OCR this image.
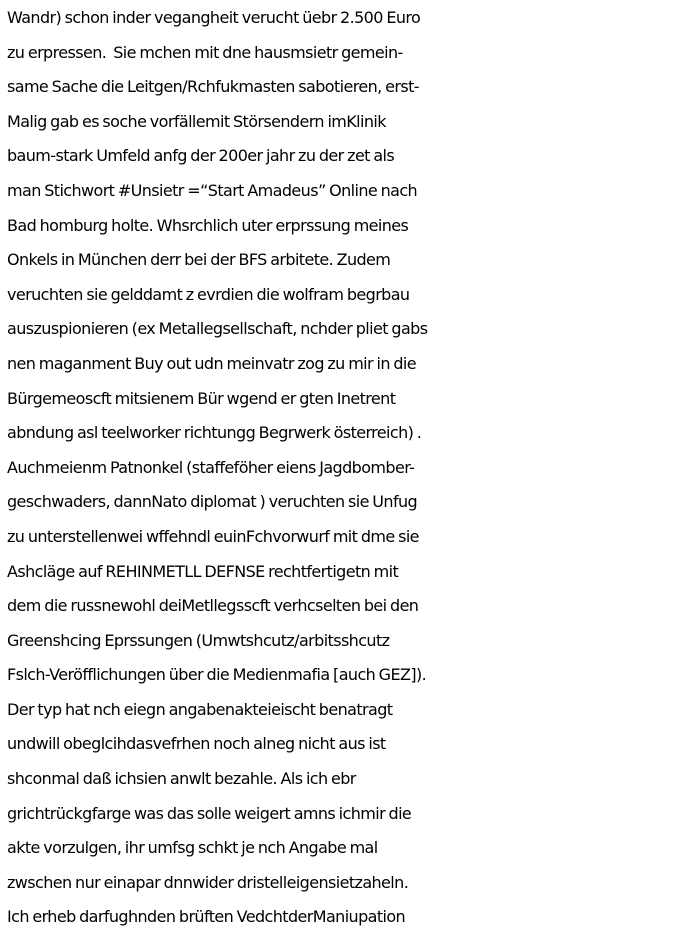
Wandr) schon inder vegangheit verucht üebr 2.500 Euro
zu erpressen.  Sie mchen mit dne hausmsietr gemein-
same Sache die Leitgen/Rchfukmasten sabotieren, erst-
Malig gab es soche vorfällemit Störsendern imKlinik
baum-stark Umfeld anfg der 200er jahr zu der zet als
man Stichwort #Unsietr =“Start Amadeus” Online nach
Bad homburg holte. Whsrchlich uter erprssung meines
Onkels in München derr bei der BFS arbitete. Zudem
veruchten sie gelddamt z evrdien die wolfram begrbau
auszuspionieren (ex Metallegsellschaft, nchder pliet gabs
nen maganment Buy out udn meinvatr zog zu mir in die
Bürgemeoscft mitsienem Bür wgend er gten Inetrent
abndung asl teelworker richtungg Begrwerk österreich) .
Auchmeienm Patnonkel (staffeföher eiens Jagdbomber-
geschwaders, dannNato diplomat ) veruchten sie Unfug
zu unterstellenwei wffehndl euinFchvorwurf mit dme sie
Ashcläge auf REHINMETLL DEFNSE rechtfertigetn mit
dem die russnewohl deiMetllegsscft verhcselten bei den
Greenshcing Eprssungen (Umwtshcutz/arbitsshcutz
Fslch-Veröfflichungen über die Medienmafia [auch GEZ]).
Der typ hat nch eiegn angabenakteieischt benatragt
undwill obeglcihdasvefrhen noch alneg nicht aus ist
shconmal daß ichsien anwlt bezahle. Als ich ebr
grichtrückgfarge was das solle weigert amns ichmir die
akte vorzulgen, ihr umfsg schkt je nch Angabe mal
zwschen nur einapar dnnwider dristelleigensietzaheln.
Ich erheb darfughnden brüften VedchtderManiupation
